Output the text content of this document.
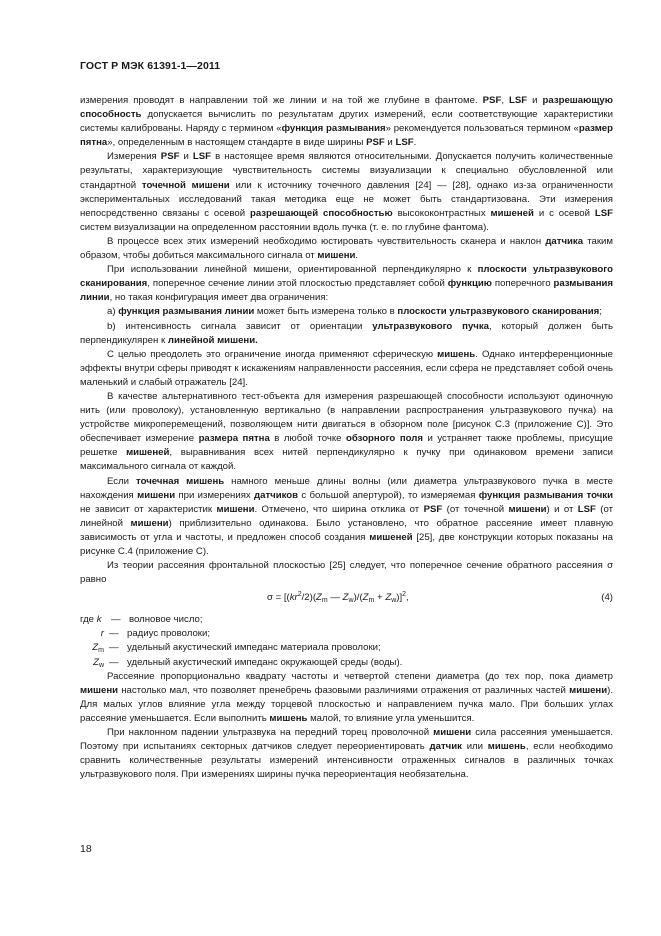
ГОСТ Р МЭК 61391-1—2011

измерения проводят в направлении той же линии и на той же глубине в фантоме. PSF, LSF и разрешающую способность допускается вычислить по результатам других измерений, если соответствующие характеристики системы калиброваны. Наряду с термином «функция размывания» рекомендуется пользоваться термином «размер пятна», определенным в настоящем стандарте в виде ширины PSF и LSF.

Измерения PSF и LSF в настоящее время являются относительными. Допускается получить количественные результаты, характеризующие чувствительность системы визуализации к специально обусловленной или стандартной точечной мишени или к источнику точечного давления [24] — [28], однако из-за ограниченности экспериментальных исследований такая методика еще не может быть стандартизована. Эти измерения непосредственно связаны с осевой разрешающей способностью высококонтрастных мишеней и с осевой LSF систем визуализации на определенном расстоянии вдоль пучка (т. е. по глубине фантома).

В процессе всех этих измерений необходимо юстировать чувствительность сканера и наклон датчика таким образом, чтобы добиться максимального сигнала от мишени.

При использовании линейной мишени, ориентированной перпендикулярно к плоскости ультразвукового сканирования, поперечное сечение линии этой плоскостью представляет собой функцию поперечного размывания линии, но такая конфигурация имеет два ограничения:

a) функция размывания линии может быть измерена только в плоскости ультразвукового сканирования;

b) интенсивность сигнала зависит от ориентации ультразвукового пучка, который должен быть перпендикулярен к линейной мишени.

С целью преодолеть это ограничение иногда применяют сферическую мишень. Однако интерференционные эффекты внутри сферы приводят к искажениям направленности рассеяния, если сфера не представляет собой очень маленький и слабый отражатель [24].

В качестве альтернативного тест-объекта для измерения разрешающей способности используют одиночную нить (или проволоку), установленную вертикально (в направлении распространения ультразвукового пучка) на устройстве микроперемещений, позволяющем нити двигаться в обзорном поле [рисунок С.3 (приложение С)]. Это обеспечивает измерение размера пятна в любой точке обзорного поля и устраняет также проблемы, присущие решетке мишеней, выравнивания всех нитей перпендикулярно к пучку при одинаковом времени записи максимального сигнала от каждой.

Если точечная мишень намного меньше длины волны (или диаметра ультразвукового пучка в месте нахождения мишени при измерениях датчиков с большой апертурой), то измеряемая функция размывания точки не зависит от характеристик мишени. Отмечено, что ширина отклика от PSF (от точечной мишени) и от LSF (от линейной мишени) приблизительно одинакова. Было установлено, что обратное рассеяние имеет плавную зависимость от угла и частоты, и предложен способ создания мишеней [25], две конструкции которых показаны на рисунке С.4 (приложение С).

Из теории рассеяния фронтальной плоскостью [25] следует, что поперечное сечение обратного рассеяния σ равно

$\sigma = [(kr^2/2)(Z_m$ — $Z_w)/(Z_m + Z_w)]^2$,	(4)
где k — волновое число;
r — радиус проволоки;
$Z_m$ — удельный акустический импеданс материала проволоки;
$Z_w$ — удельный акустический импеданс окружающей среды (воды).

Рассеяние пропорционально квадрату частоты и четвертой степени диаметра (до тех пор, пока диаметр мишени настолько мал, что позволяет пренебречь фазовыми различиями отражения от различных частей мишени). Для малых углов влияние угла между торцевой плоскостью и направлением пучка мало. При больших углах рассеяние уменьшается. Если выполнить мишень малой, то влияние угла уменьшится.

При наклонном падении ультразвука на передний торец проволочной мишени сила рассеяния уменьшается. Поэтому при испытаниях секторных датчиков следует переориентировать датчик или мишень, если необходимо сравнить количественные результаты измерений интенсивности отраженных сигналов в различных точках ультразвукового поля. При измерениях ширины пучка переориентация необязательна.

18
